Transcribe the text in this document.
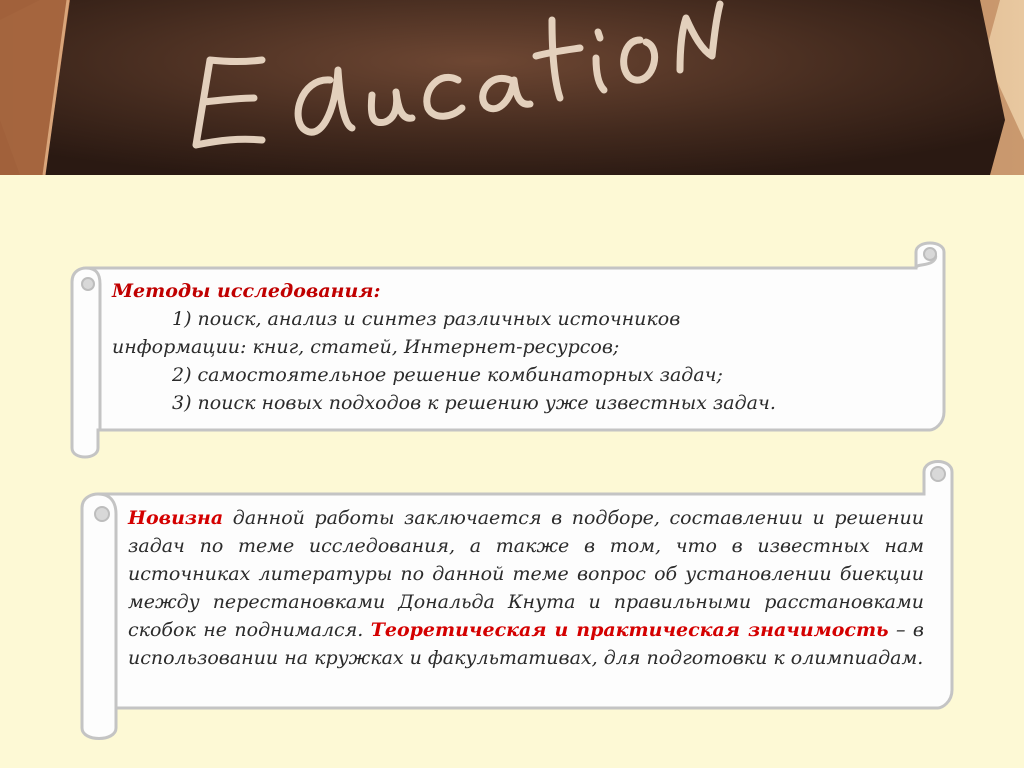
Методы исследования:
1) поиск, анализ и синтез различных источников
информации: книг, статей, Интернет-ресурсов;
2) самостоятельное решение комбинаторных задач;
3) поиск новых подходов к решению уже известных задач.
Новизна данной работы заключается в подборе, составлении и решении задач по теме исследования, а также в том, что в известных нам источниках литературы по данной теме вопрос об установлении биекции между перестановками Дональда Кнута и правильными расстановками скобок не поднимался. Теоретическая и практическая значимость – в использовании на кружках и факультативах, для подготовки к олимпиадам.
